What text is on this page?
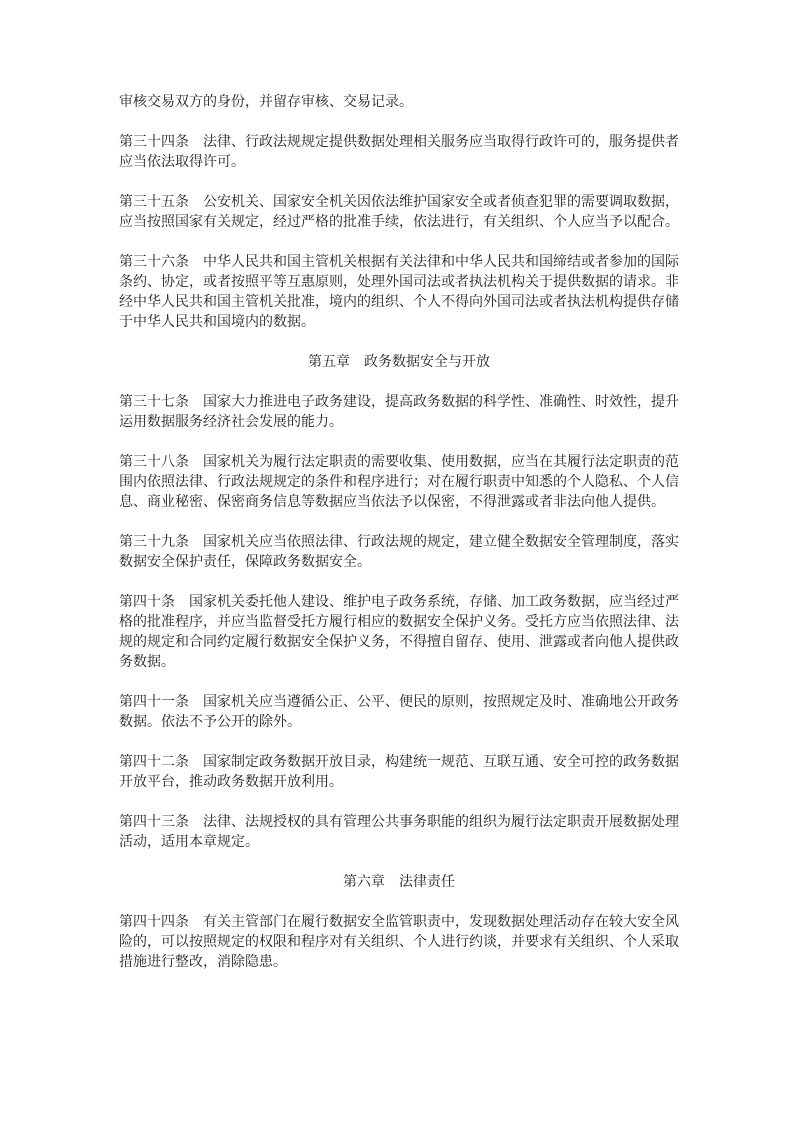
审核交易双方的身份，并留存审核、交易记录。

第三十四条　法律、行政法规规定提供数据处理相关服务应当取得行政许可的，服务提供者应当依法取得许可。

第三十五条　公安机关、国家安全机关因依法维护国家安全或者侦查犯罪的需要调取数据，应当按照国家有关规定，经过严格的批准手续，依法进行，有关组织、个人应当予以配合。

第三十六条　中华人民共和国主管机关根据有关法律和中华人民共和国缔结或者参加的国际条约、协定，或者按照平等互惠原则，处理外国司法或者执法机构关于提供数据的请求。非经中华人民共和国主管机关批准，境内的组织、个人不得向外国司法或者执法机构提供存储于中华人民共和国境内的数据。

第五章　政务数据安全与开放

第三十七条　国家大力推进电子政务建设，提高政务数据的科学性、准确性、时效性，提升运用数据服务经济社会发展的能力。

第三十八条　国家机关为履行法定职责的需要收集、使用数据，应当在其履行法定职责的范围内依照法律、行政法规规定的条件和程序进行；对在履行职责中知悉的个人隐私、个人信息、商业秘密、保密商务信息等数据应当依法予以保密，不得泄露或者非法向他人提供。

第三十九条　国家机关应当依照法律、行政法规的规定，建立健全数据安全管理制度，落实数据安全保护责任，保障政务数据安全。

第四十条　国家机关委托他人建设、维护电子政务系统，存储、加工政务数据，应当经过严格的批准程序，并应当监督受托方履行相应的数据安全保护义务。受托方应当依照法律、法规的规定和合同约定履行数据安全保护义务，不得擅自留存、使用、泄露或者向他人提供政务数据。

第四十一条　国家机关应当遵循公正、公平、便民的原则，按照规定及时、准确地公开政务数据。依法不予公开的除外。

第四十二条　国家制定政务数据开放目录，构建统一规范、互联互通、安全可控的政务数据开放平台，推动政务数据开放利用。

第四十三条　法律、法规授权的具有管理公共事务职能的组织为履行法定职责开展数据处理活动，适用本章规定。

第六章　法律责任

第四十四条　有关主管部门在履行数据安全监管职责中，发现数据处理活动存在较大安全风险的，可以按照规定的权限和程序对有关组织、个人进行约谈，并要求有关组织、个人采取措施进行整改，消除隐患。
